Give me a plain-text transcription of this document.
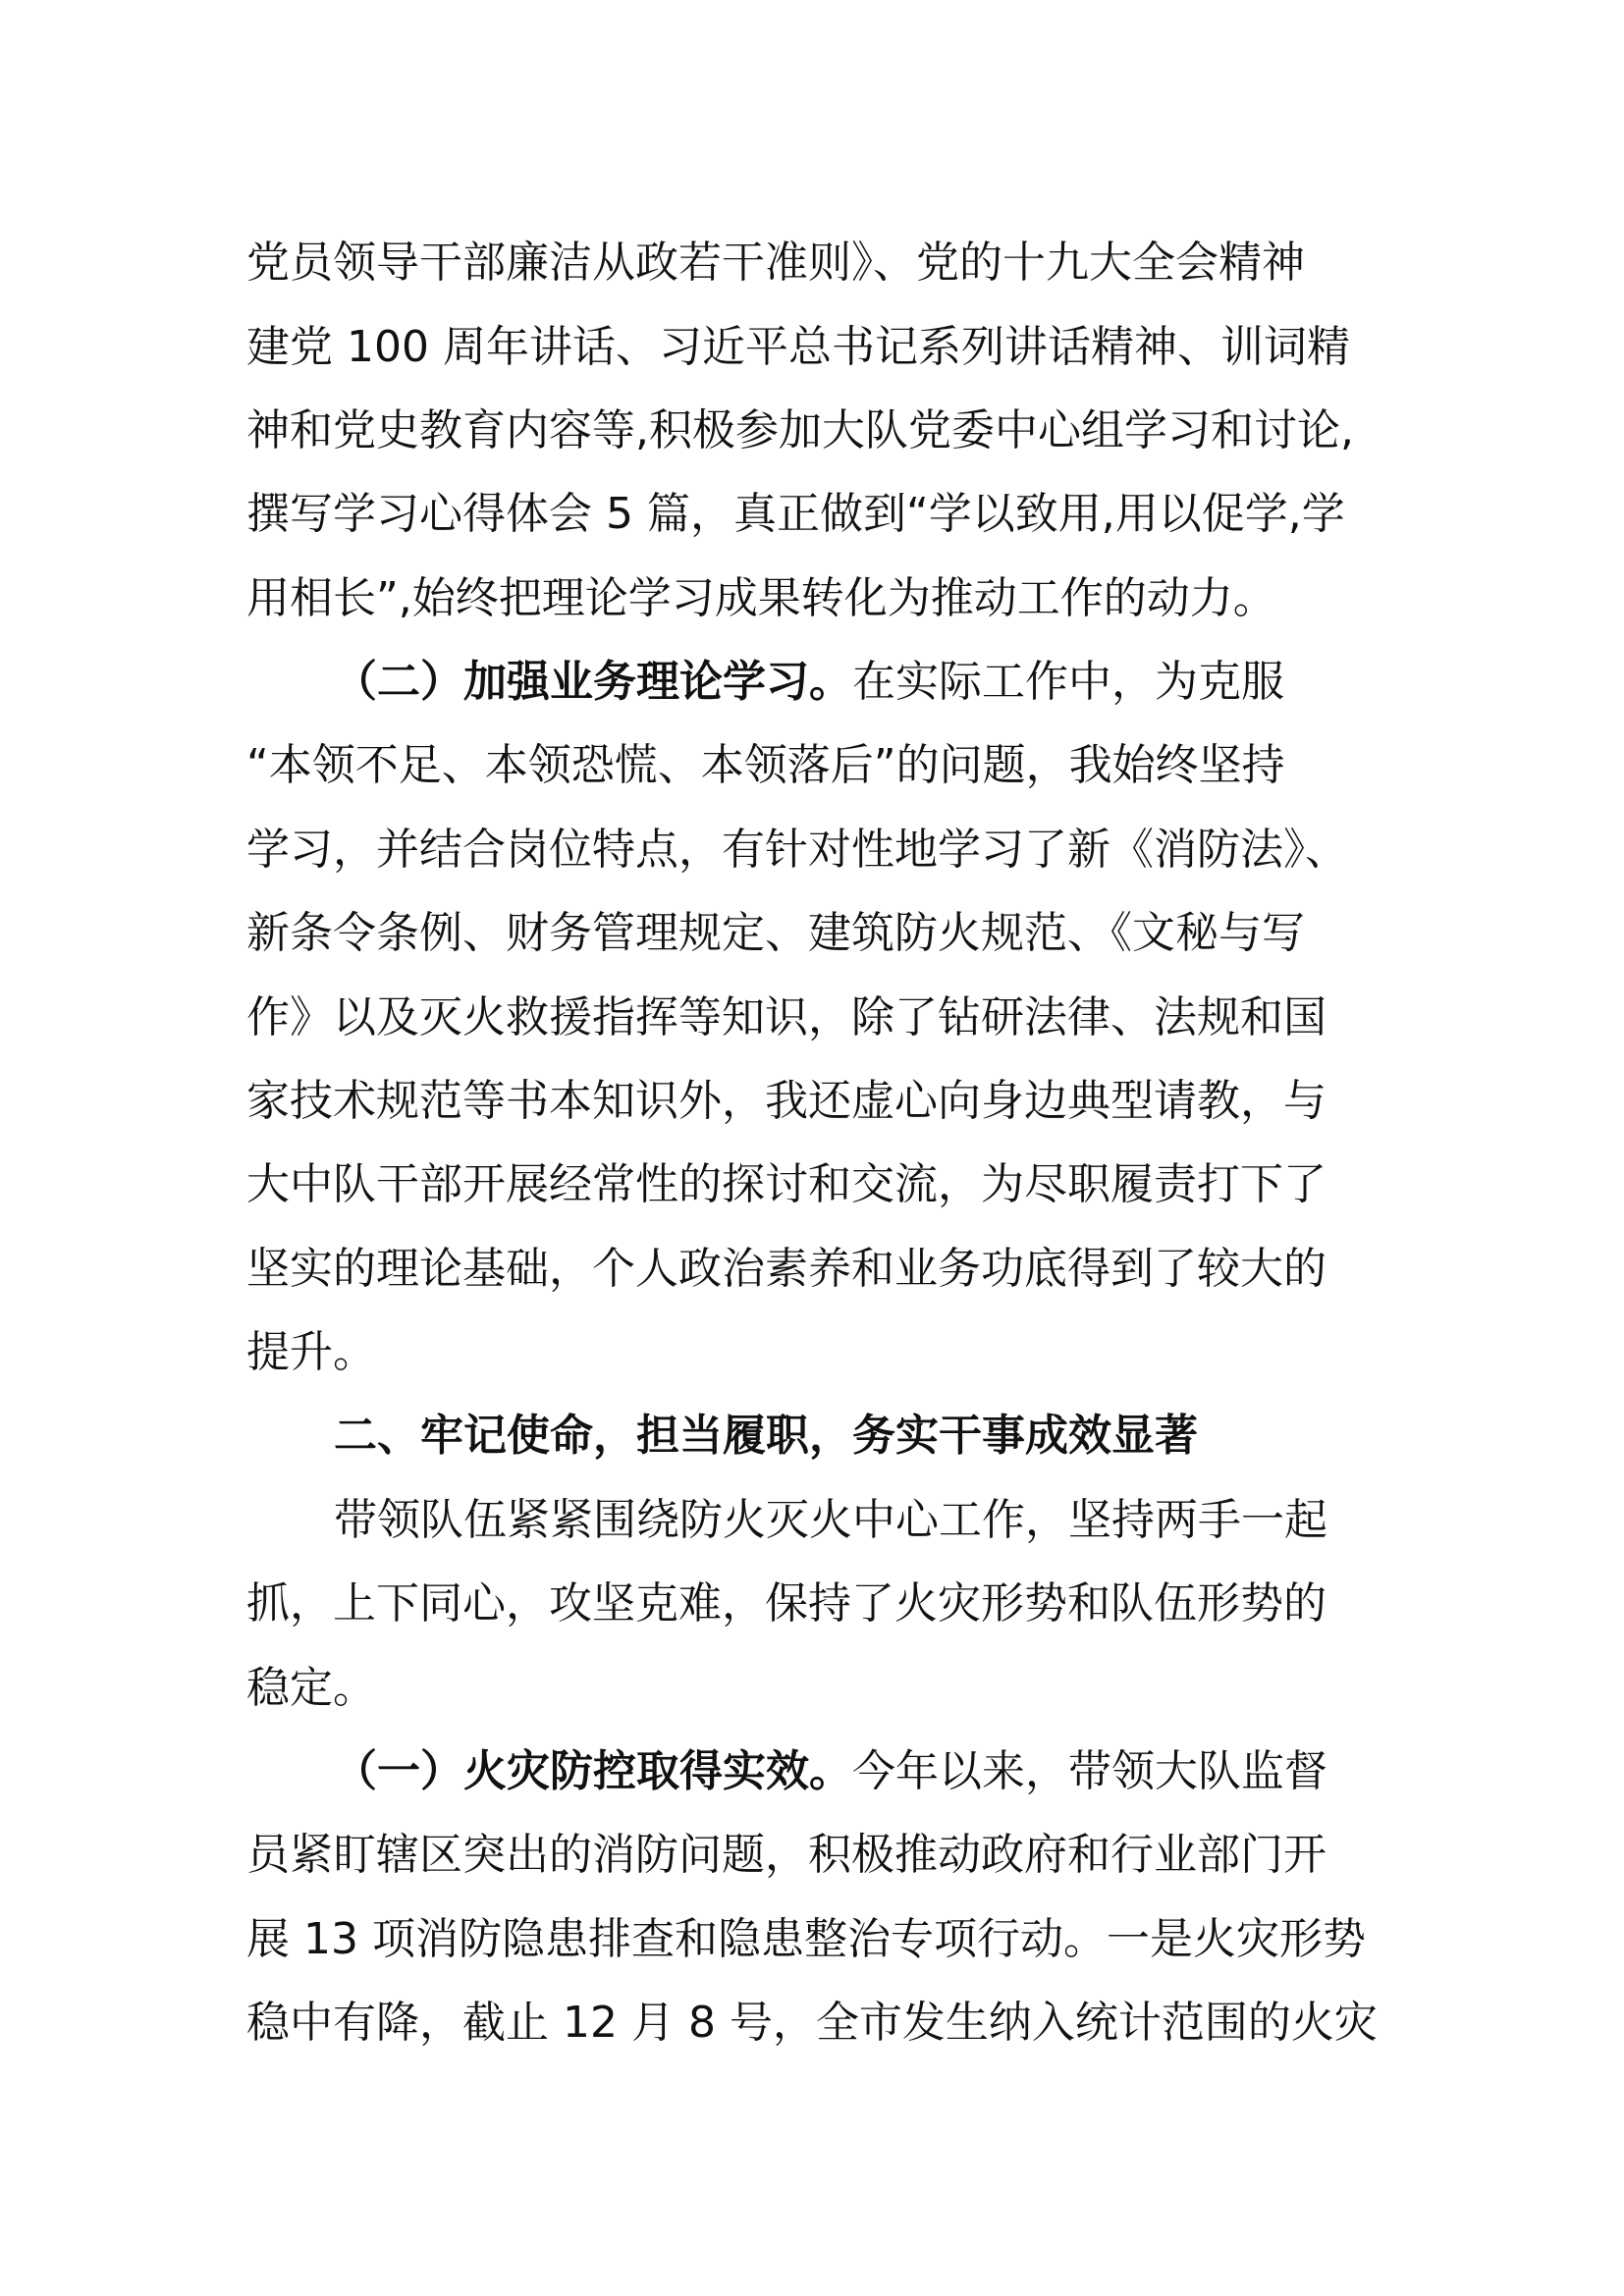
党员领导干部廉洁从政若干准则》、党的十九大全会精神
建党 100 周年讲话、习近平总书记系列讲话精神、训词精
神和党史教育内容等,积极参加大队党委中心组学习和讨论,
撰写学习心得体会 5 篇，真正做到“学以致用,用以促学,学
用相长”,始终把理论学习成果转化为推动工作的动力。
（二）加强业务理论学习。在实际工作中，为克服
“本领不足、本领恐慌、本领落后”的问题，我始终坚持
学习，并结合岗位特点，有针对性地学习了新《消防法》、
新条令条例、财务管理规定、建筑防火规范、《文秘与写
作》以及灭火救援指挥等知识，除了钻研法律、法规和国
家技术规范等书本知识外，我还虚心向身边典型请教，与
大中队干部开展经常性的探讨和交流，为尽职履责打下了
坚实的理论基础，个人政治素养和业务功底得到了较大的
提升。
二、牢记使命，担当履职，务实干事成效显著
带领队伍紧紧围绕防火灭火中心工作，坚持两手一起
抓，上下同心，攻坚克难，保持了火灾形势和队伍形势的
稳定。
（一）火灾防控取得实效。今年以来，带领大队监督
员紧盯辖区突出的消防问题，积极推动政府和行业部门开
展 13 项消防隐患排查和隐患整治专项行动。一是火灾形势
稳中有降，截止 12 月 8 号，全市发生纳入统计范围的火灾
